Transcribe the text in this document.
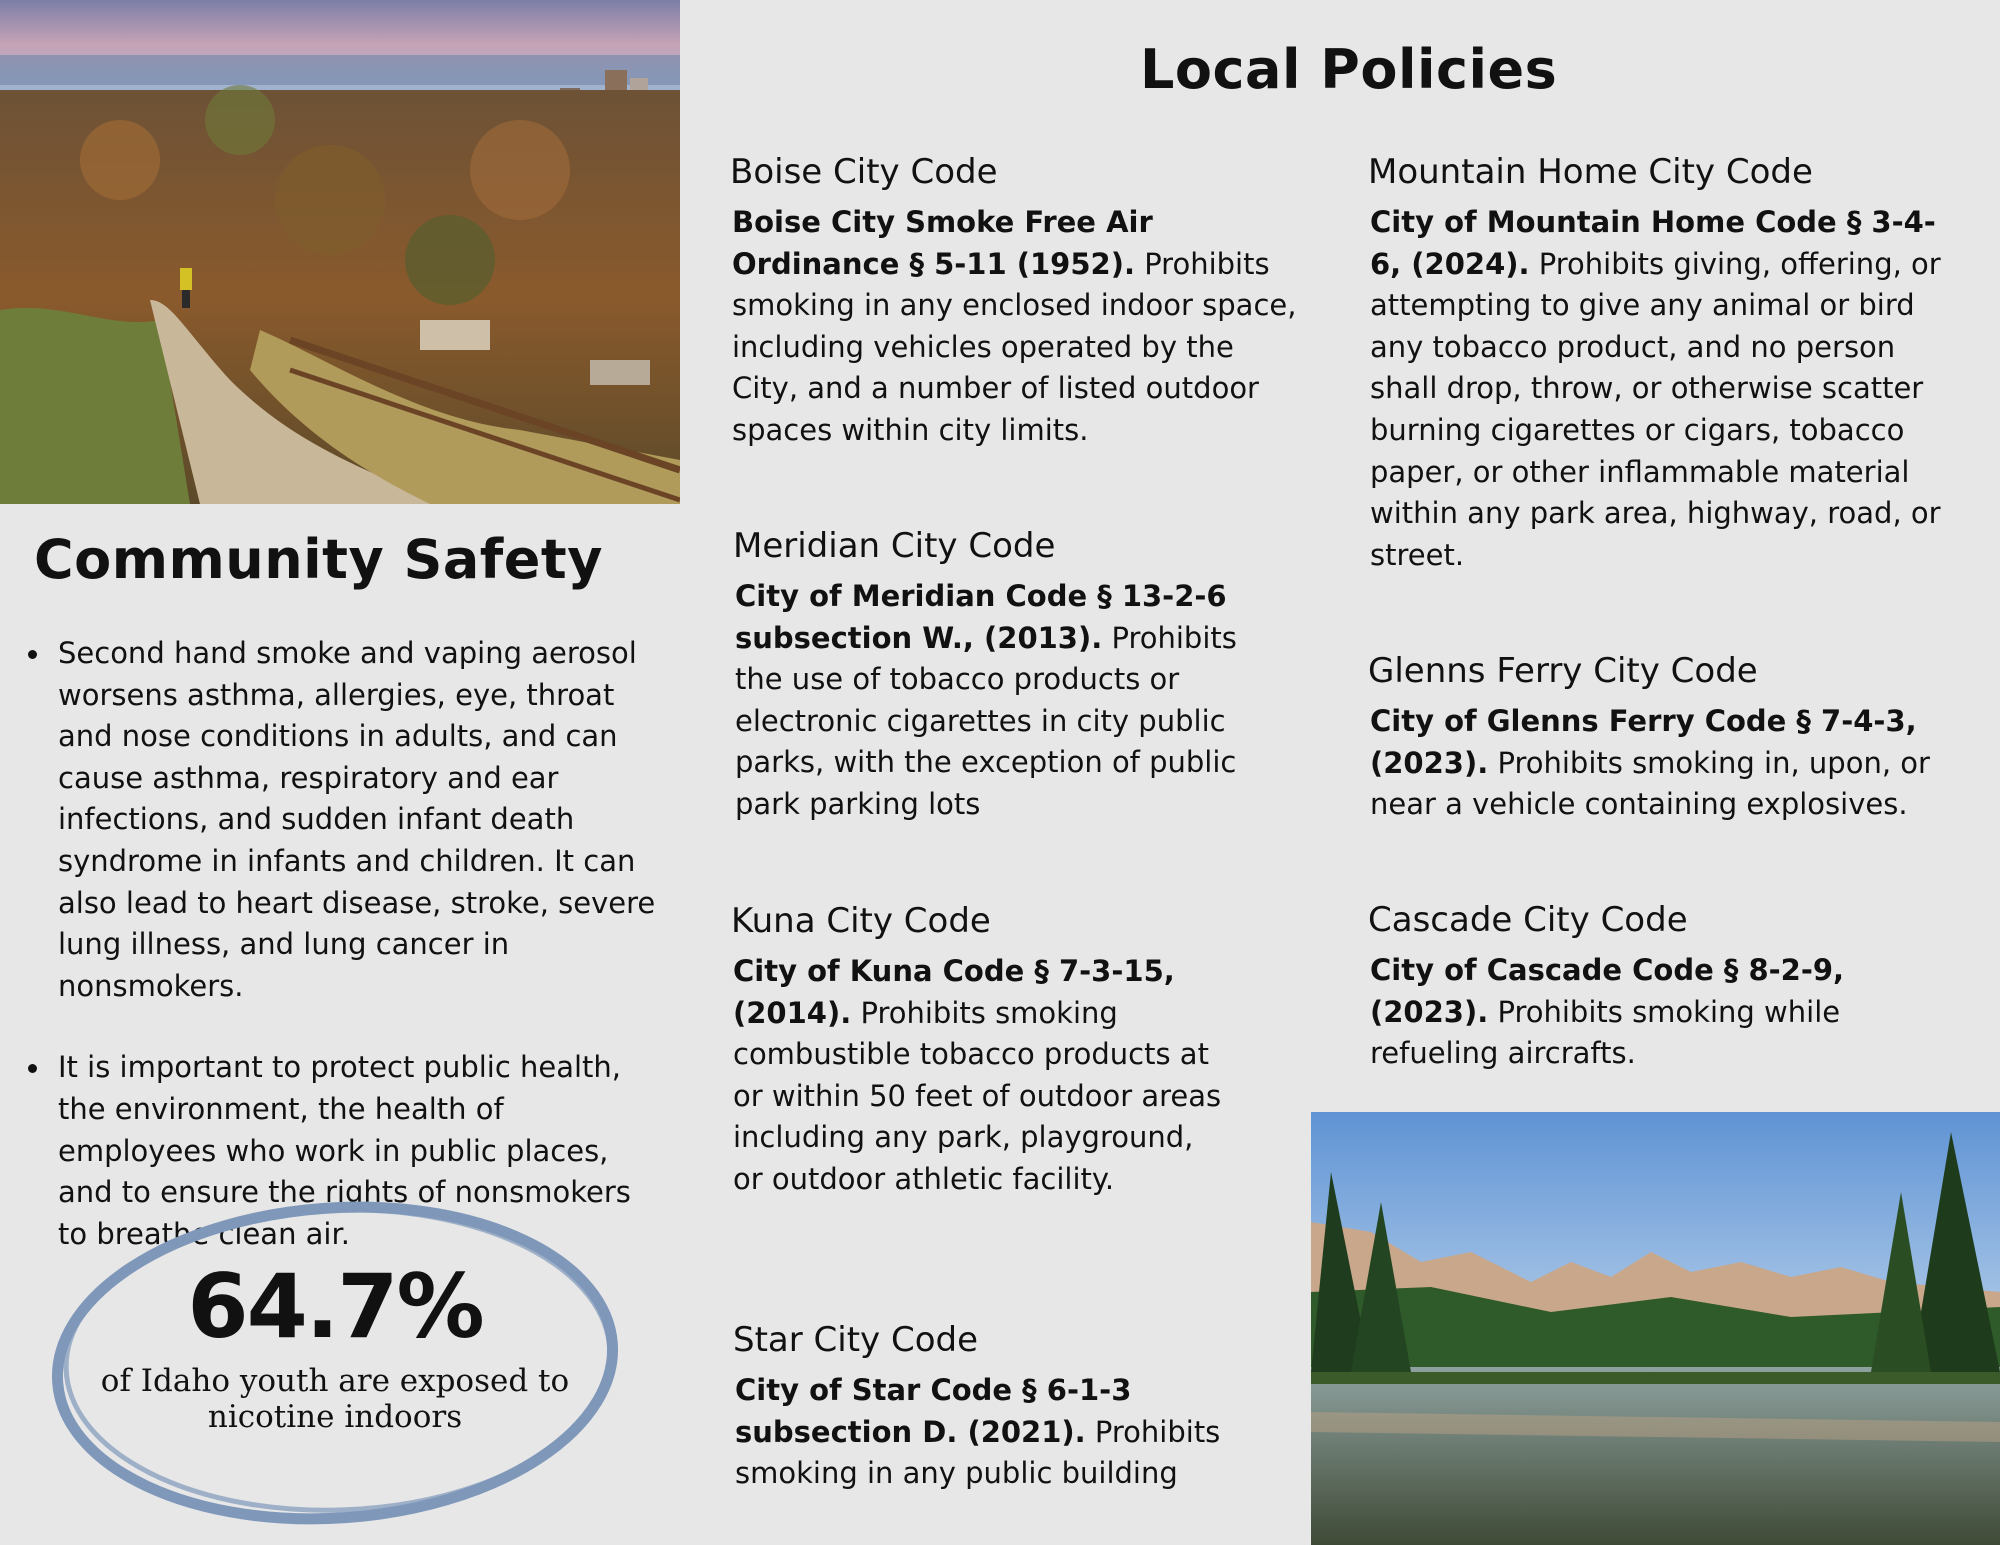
Local Policies
Community Safety
Second hand smoke and vaping aerosol worsens asthma, allergies, eye, throat and nose conditions in adults, and can cause asthma, respiratory and ear infections, and sudden infant death syndrome in infants and children. It can also lead to heart disease, stroke, severe lung illness, and lung cancer in nonsmokers.
It is important to protect public health, the environment, the health of employees who work in public places, and to ensure the rights of nonsmokers to breathe clean air.
64.7%
of Idaho youth are exposed to nicotine indoors

Boise City Code

Boise City Smoke Free Air Ordinance § 5-11 (1952). Prohibits smoking in any enclosed indoor space, including vehicles operated by the City, and a number of listed outdoor spaces within city limits.

Meridian City Code

City of Meridian Code § 13-2-6 subsection W., (2013). Prohibits the use of tobacco products or electronic cigarettes in city public parks, with the exception of public park parking lots

Kuna City Code

City of Kuna Code § 7-3-15, (2014). Prohibits smoking combustible tobacco products at or within 50 feet of outdoor areas including any park, playground, or outdoor athletic facility.

Star City Code

City of Star Code § 6-1-3 subsection D. (2021). Prohibits smoking in any public building

Mountain Home City Code

City of Mountain Home Code § 3-4-6, (2024). Prohibits giving, offering, or attempting to give any animal or bird any tobacco product, and no person shall drop, throw, or otherwise scatter burning cigarettes or cigars, tobacco paper, or other inflammable material within any park area, highway, road, or street.

Glenns Ferry City Code

City of Glenns Ferry Code § 7-4-3, (2023). Prohibits smoking in, upon, or near a vehicle containing explosives.

Cascade City Code

City of Cascade Code § 8-2-9, (2023). Prohibits smoking while refueling aircrafts.
